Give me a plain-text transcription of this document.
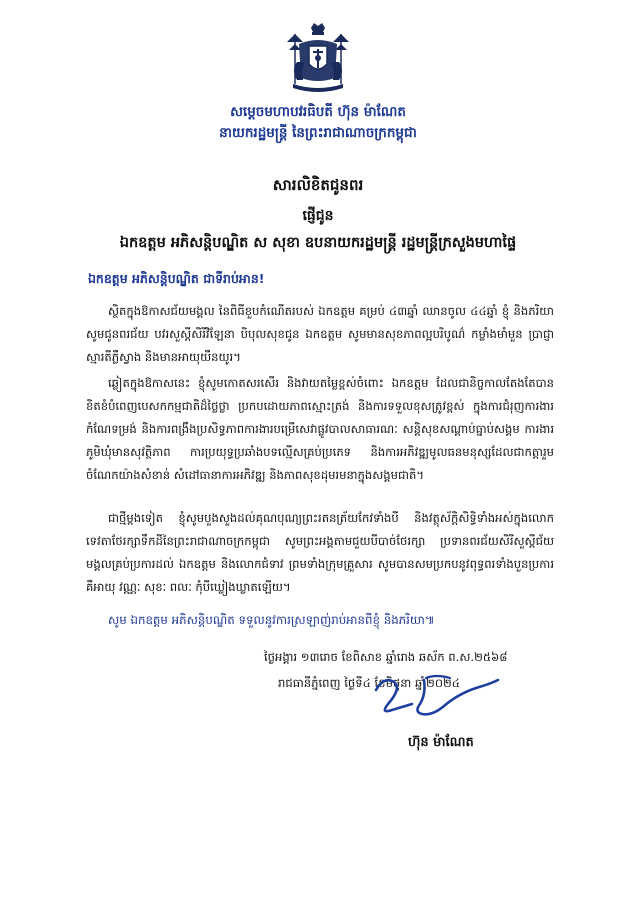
សម្តេចមហាបវរធិបតី ហ៊ុន ម៉ាណែត
នាយករដ្ឋមន្ត្រី នៃព្រះរាជាណាចក្រកម្ពុជា
សារលិខិតជូនពរ
ផ្ញើជូន
ឯកឧត្តម អភិសន្តិបណ្ឌិត ស សុខា ឧបនាយករដ្ឋមន្ត្រី រដ្ឋមន្ត្រីក្រសួងមហាផ្ទៃ
ឯកឧត្តម អភិសន្តិបណ្ឌិត ជាទីរាប់អាន!
ស្ថិតក្នុងឱកាសជ័យមង្គល នៃពិធីខួបកំណើតរបស់ ឯកឧត្តម គម្រប់ ៤៣ឆ្នាំ ឈានចូល ៤៤ឆ្នាំ ខ្ញុំ និងភរិយា សូមជូនពរជ័យ បវរសួស្តីសិរីវិឡែនា បិបុលសុខជូន ឯកឧត្តម សូមមានសុខភាពល្អបរិបូណ៌ កម្លាំងមាំមួន ប្រាជ្ញាស្មារតីភ្លឺស្វាង និងមានអាយុយឺនយូរ។
ឆ្លៀតក្នុងឱកាសនេះ ខ្ញុំសូមកោតសរសើរ និងវាយតម្លៃខ្ពស់ចំពោះ ឯកឧត្តម ដែលជានិច្ចកាលតែងតែបានខិតខំបំពេញបេសកកម្មជាតិដ៏ថ្លៃថ្លា ប្រកបដោយភាពស្មោះត្រង់ និងការទទួលខុសត្រូវខ្ពស់ ក្នុងការជំរុញការងារកំណែទម្រង់ និងការពង្រឹងប្រសិទ្ធភាពការងារបម្រើសេវាផ្លូវបាលសាធារណៈ សន្តិសុខសណ្តាប់ធ្នាប់សង្គម ការងារភូមិឃុំមានសុវត្ថិភាព ការប្រយុទ្ធប្រឆាំងបទល្មើសគ្រប់ប្រភេទ និងការអភិវឌ្ឍមូលធនមនុស្សដែលជាកត្តារួមចំណែកយ៉ាងសំខាន់ សំដៅធានាការអភិវឌ្ឍ និងភាពសុខដុមរមនាក្នុងសង្គមជាតិ។
ជាថ្មីម្តងទៀត ខ្ញុំសូមបួងសួងដល់គុណបុណ្យព្រះរតនត្រ័យកែវទាំងបី និងវត្ថុស័ក្តិសិទ្ធិទាំងអស់ក្នុងលោក ទេវតាថែរក្សាទឹកដីនៃព្រះរាជាណាចក្រកម្ពុជា សូមព្រះអង្គតាមជួយបីបាច់ថែរក្សា ប្រទានពរជ័យសិរីសួស្តីជ័យមង្គលគ្រប់ប្រការដល់ ឯកឧត្តម និងលោកជំទាវ ព្រមទាំងក្រុមគ្រួសារ សូមបានសមប្រកបនូវពុទ្ធពរទាំងបួនប្រការ គឺអាយុ វណ្ណៈ សុខៈ ពលៈ កុំបីឃ្លៀងឃ្លាតឡើយ។
សូម ឯកឧត្តម អភិសន្តិបណ្ឌិត ទទួលនូវការស្រឡាញ់រាប់អានពីខ្ញុំ និងភរិយា៕
ថ្ងៃអង្គារ ១៣រោច ខែពិសាខ ឆ្នាំរោង ឆស័ក ព.ស.២៥៦៨
រាជធានីភ្នំពេញ ថ្ងៃទី៤ ខែមិថុនា ឆ្នាំ២០២៤
ហ៊ុន ម៉ាណែត
